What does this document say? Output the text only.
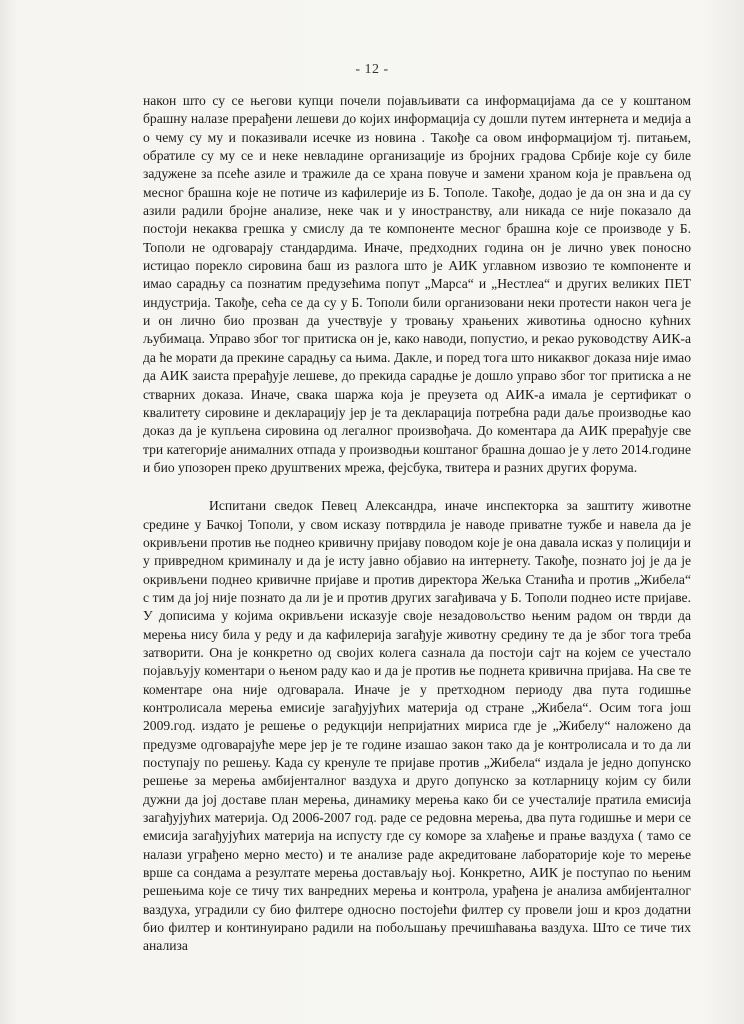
- 12 -

након што су се његови купци почели појављивати са информацијама да се у коштаном брашну налазе прерађени лешеви до којих информација су дошли путем интернета и медија а о чему су му и показивали исечке из новина . Такође са овом информацијом тј. питањем, обратиле су му се и неке невладине организације из бројних градова Србије које су биле задужене за псеће азиле и тражиле да се храна повуче и замени храном која је прављена од месног брашна које не потиче из кафилерије из Б. Тополе. Такође, додао је да он зна и да су азили радили бројне анализе, неке чак и у иностранству, али никада се није показало да постоји некаква грешка у смислу да те компоненте месног брашна које се производе у Б. Тополи не одговарају стандардима. Иначе, предходних година он је лично увек поносно истицао порекло сировина баш из разлога што је АИК углавном извозио те компоненте и имао сарадњу са познатим предузећима попут „Марса“ и „Нестлеа“ и других великих ПЕТ индустрија. Такође, сећа се да су у Б. Тополи били организовани неки протести након чега је и он лично био прозван да учествује у тровању храњених животиња односно кућних љубимаца. Управо због тог притиска он је, како наводи, попустио, и рекао руководству АИК-а да ће морати да прекине сарадњу са њима. Дакле, и поред тога што никаквог доказа није имао да АИК заиста прерађује лешеве, до прекида сарадње је дошло управо због тог притиска а не стварних доказа. Иначе, свака шаржа која је преузета од АИК-а имала је сертификат о квалитету сировине и декларацију јер је та декларација потребна ради даље производње као доказ да је купљена сировина од легалног произвођача. До коментара да АИК прерађује све три категорије анималних отпада у производњи коштаног брашна дошао је у лето 2014.године и био упозорен преко друштвених мрежа, фејсбука, твитера и разних других форума.

Испитани сведок Певец Александра, иначе инспекторка за заштиту животне средине у Бачкој Тополи, у свом исказу потврдила је наводе приватне тужбе и навела да је окривљени против ње поднео кривичну пријаву поводом које је она давала исказ у полицији и у привредном криминалу и да је исту јавно објавио на интернету. Такође, познато јој је да је окривљени поднео кривичне пријаве и против директора Жељка Станића и против „Жибела“ с тим да јој није познато да ли је и против других загађивача у Б. Тополи поднео исте пријаве. У дописима у којима окривљени исказује своје незадовољство њеним радом он тврди да мерења нису била у реду и да кафилерија загађује животну средину те да је због тога треба затворити. Она је конкретно од својих колега сазнала да постоји сајт на којем се учестало појављују коментари о њеном раду као и да је против ње поднета кривична пријава. На све те коментаре она није одговарала. Иначе је у претходном периоду два пута годишње контролисала мерења емисије загађујућих материја од стране „Жибела“. Осим тога још 2009.год. издато је решење о редукцији непријатних мириса где је „Жибелу“ наложено да предузме одговарајуће мере јер је те године изашао закон тако да је контролисала и то да ли поступају по решењу. Када су кренуле те пријаве против „Жибела“ издала је једно допунско решење за мерења амбијенталног ваздуха и друго допунско за котларницу којим су били дужни да јој доставе план мерења, динамику мерења како би се учесталије пратила емисија загађујућих материја. Од 2006-2007 год. раде се редовна мерења, два пута годишње и мери се емисија загађујућих материја на испусту где су коморе за хлађење и прање ваздуха ( тамо се налази уграђено мерно место) и те анализе раде акредитоване лабораторије које то мерење врше са сондама а резултате мерења достављају њој. Конкретно, АИК је поступао по њеним решењима које се тичу тих ванредних мерења и контрола, урађена је анализа амбијенталног ваздуха, уградили су био филтере односно постојећи филтер су провели још и кроз додатни био филтер и континуирано радили на побољшању пречишћавања ваздуха. Што се тиче тих анализа
